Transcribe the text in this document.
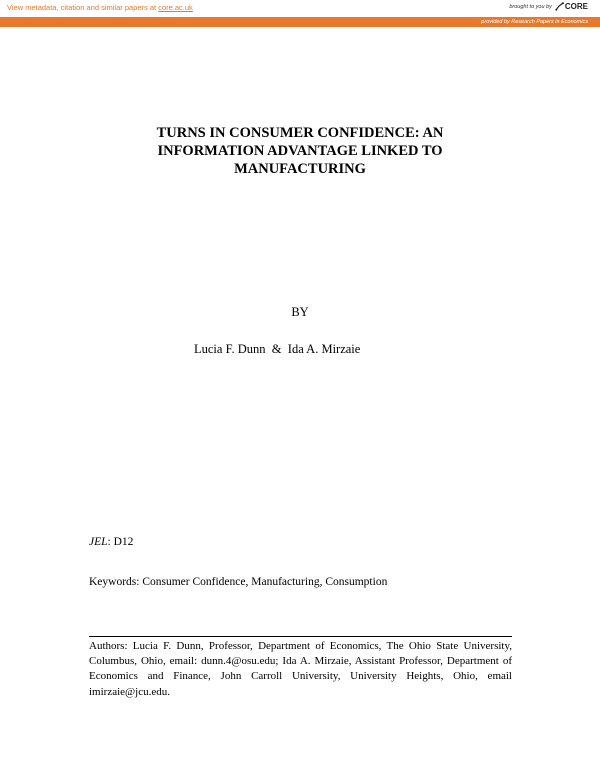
View metadata, citation and similar papers at core.ac.uk	brought to you by CORE
provided by Research Papers in Economics
TURNS IN CONSUMER CONFIDENCE: AN
INFORMATION ADVANTAGE LINKED TO
MANUFACTURING
BY
Lucia F. Dunn  &  Ida A. Mirzaie
JEL: D12
Keywords: Consumer Confidence, Manufacturing, Consumption
Authors: Lucia F. Dunn, Professor, Department of Economics, The Ohio State University, Columbus, Ohio, email: dunn.4@osu.edu; Ida A. Mirzaie, Assistant Professor, Department of Economics and Finance, John Carroll University, University Heights, Ohio, email imirzaie@jcu.edu.
